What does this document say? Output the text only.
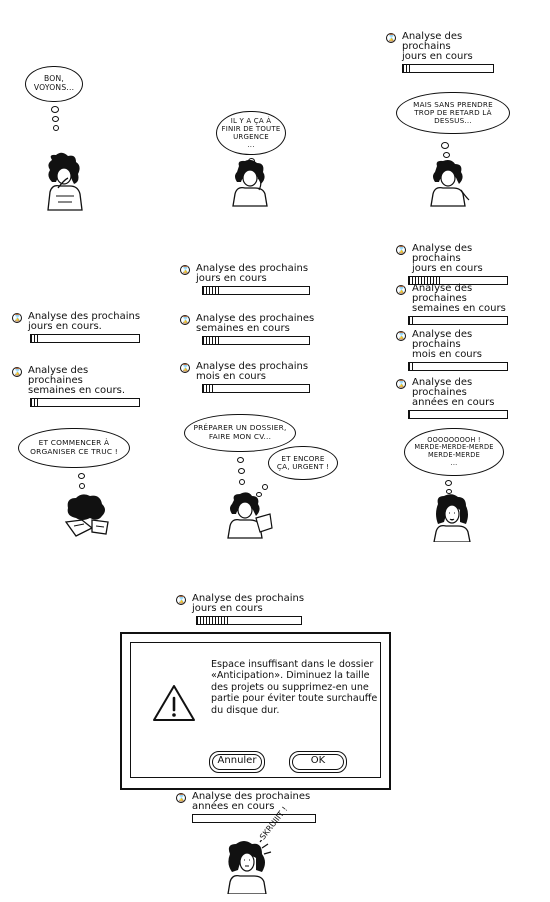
BON,
VOYONS...
IL Y A ÇA À
FINIR DE TOUTE
URGENCE
...
⌛ Analyse des prochains
jours en cours
MAIS SANS PRENDRE
TROP DE RETARD LÀ
DESSUS...
⌛ Analyse des prochains
jours en cours.
⌛ Analyse des prochaines
semaines en cours.
ET COMMENCER À
ORGANISER CE TRUC !
⌛ Analyse des prochains
jours en cours
⌛ Analyse des prochaines
semaines en cours
⌛ Analyse des prochains
mois en cours
PRÉPARER UN DOSSIER,
FAIRE MON CV...
ET ENCORE
ÇA, URGENT !
⌛ Analyse des prochains
jours en cours
⌛ Analyse des prochaines
semaines en cours
⌛ Analyse des prochains
mois en cours
⌛ Analyse des prochaines
années en cours
OOOOOOOOH !
MERDE-MERDE-MERDE
MERDE-MERDE
...
⌛ Analyse des prochains
jours en cours
Espace insuffisant dans le dossier «Anticipation». Diminuez la taille des projets ou supprimez-en une partie pour éviter toute surchauffe du disque dur.
Annuler	OK
⌛ Analyse des prochaines
années en cours
SKRUIIIT !
